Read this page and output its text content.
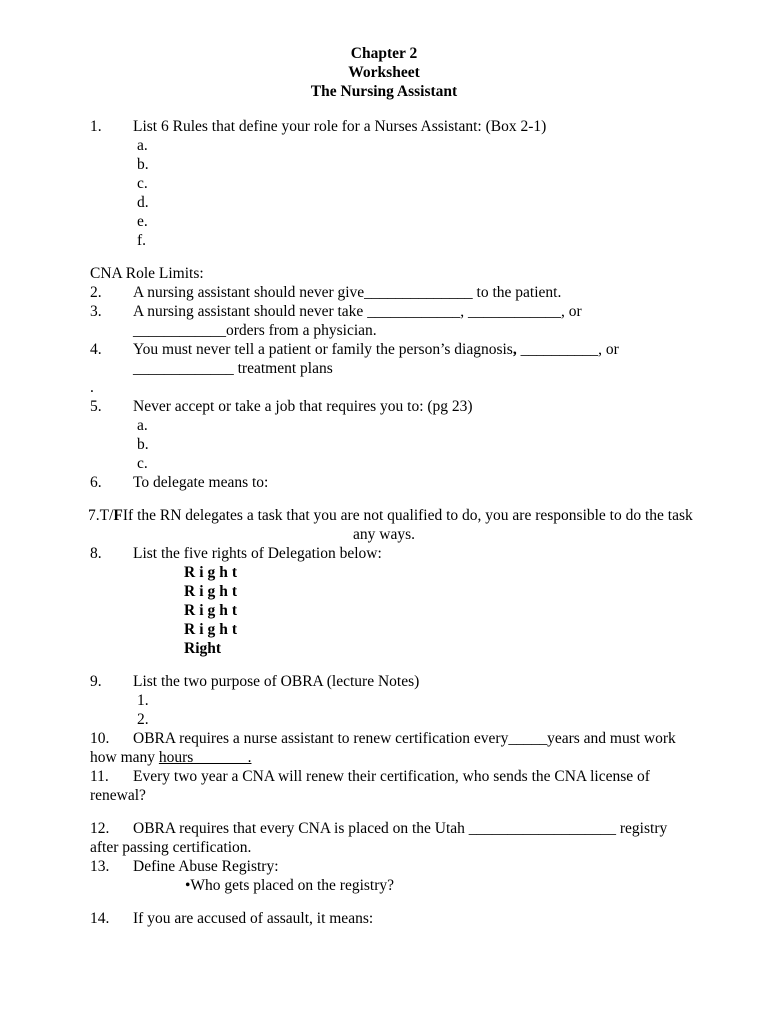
Chapter 2
Worksheet
The Nursing Assistant
1. List 6 Rules that define your role for a Nurses Assistant: (Box 2-1)
a.
b.
c.
d.
e.
f.
CNA Role Limits:
2. A nursing assistant should never give______________ to the patient.
3. A nursing assistant should never take ____________, ____________, or
____________orders from a physician.
4. You must never tell a patient or family the person’s diagnosis, __________, or
_____________ treatment plans
.
5. Never accept or take a job that requires you to: (pg 23)
a.
b.
c.
6. To delegate means to:
7.T/FIf the RN delegates a task that you are not qualified to do, you are responsible to do the task
any ways.
8. List the five rights of Delegation below:
Right
Right
Right
Right
Right
9. List the two purpose of OBRA (lecture Notes)
1.
2.
10. OBRA requires a nurse assistant to renew certification every_____years and must work
how many hours_______.
11. Every two year a CNA will renew their certification, who sends the CNA license of
renewal?
12. OBRA requires that every CNA is placed on the Utah ___________________ registry
after passing certification.
13. Define Abuse Registry:
•Who gets placed on the registry?
14. If you are accused of assault, it means:
